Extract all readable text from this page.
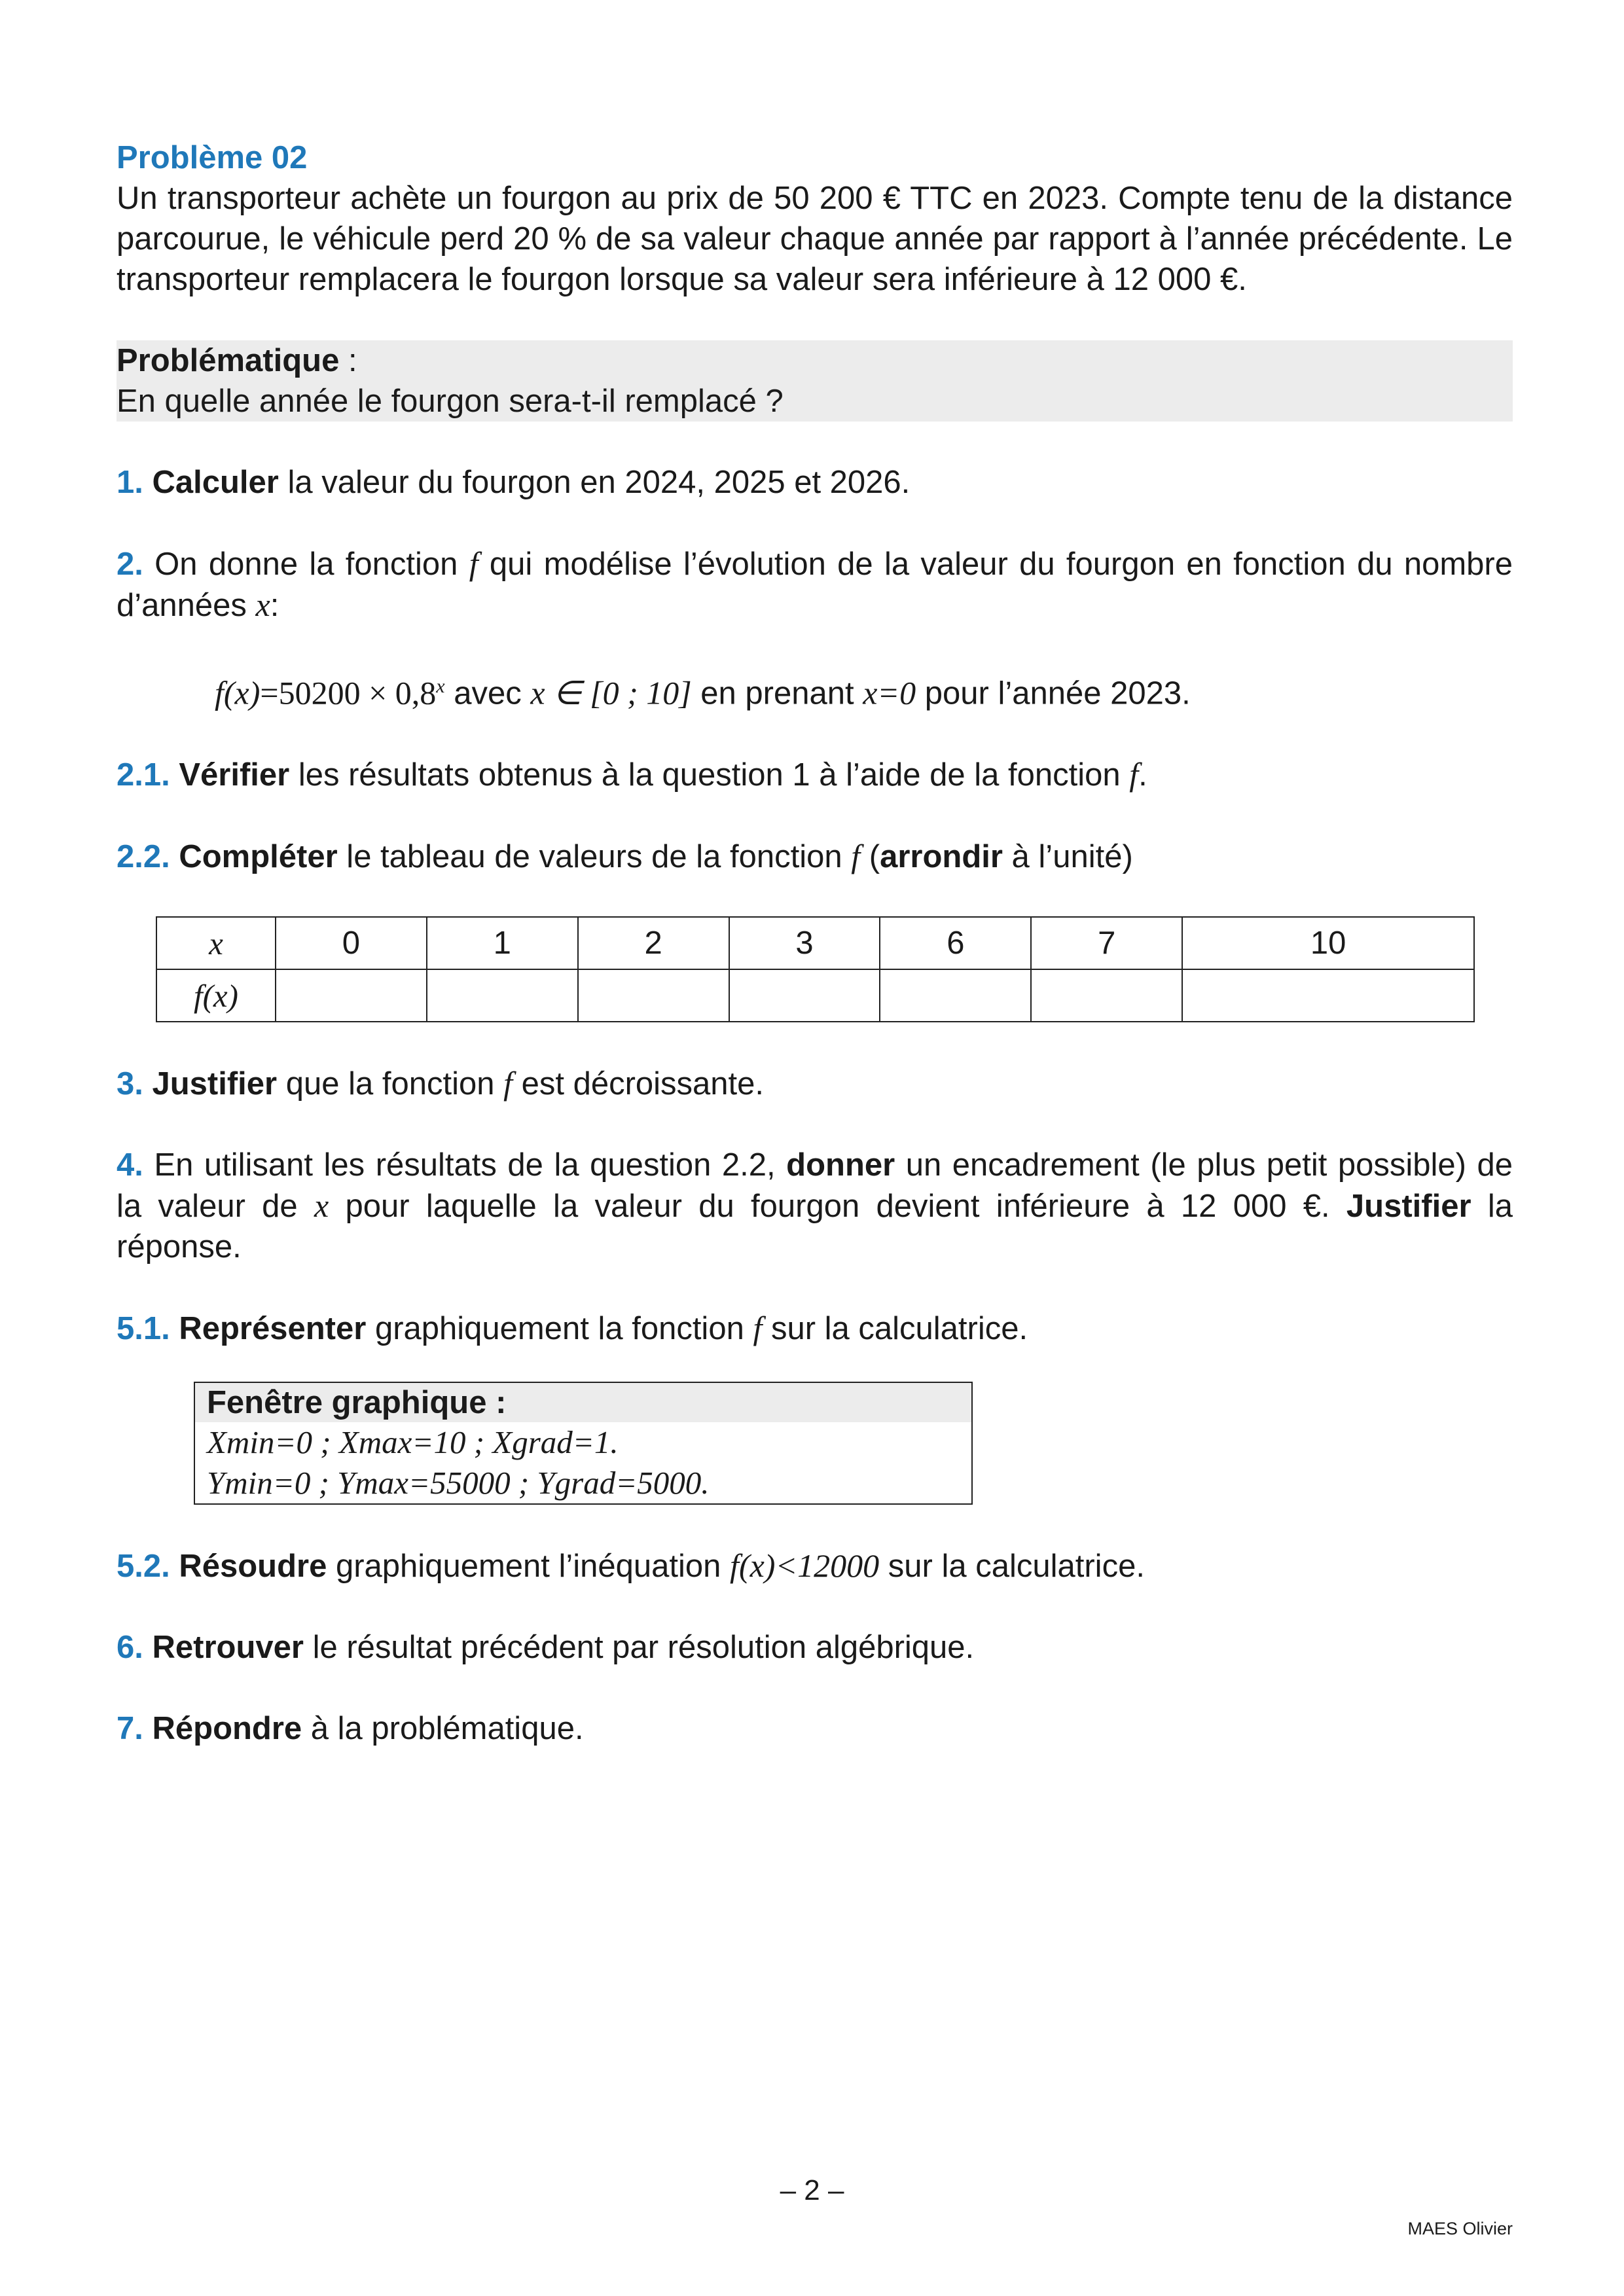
Problème 02

Un transporteur achète un fourgon au prix de 50 200 € TTC en 2023. Compte tenu de la distance parcourue, le véhicule perd 20 % de sa valeur chaque année par rapport à l’année précédente. Le transporteur remplacera le fourgon lorsque sa valeur sera inférieure à 12 000 €.

Problématique :

En quelle année le fourgon sera-t-il remplacé ?

1. Calculer la valeur du fourgon en 2024, 2025 et 2026.

2. On donne la fonction f qui modélise l’évolution de la valeur du fourgon en fonction du nombre d’années x:

$f(x)=50200 \times 0,8^x$ avec x ∈ [0 ; 10] en prenant x=0 pour l’année 2023.

2.1. Vérifier les résultats obtenus à la question 1 à l’aide de la fonction f.

2.2. Compléter le tableau de valeurs de la fonction f (arrondir à l’unité)

x	0	1	2	3	6	7	10
f(x)							

3. Justifier que la fonction f est décroissante.

4. En utilisant les résultats de la question 2.2, donner un encadrement (le plus petit possible) de la valeur de x pour laquelle la valeur du fourgon devient inférieure à 12 000 €. Justifier la réponse.

5.1. Représenter graphiquement la fonction f sur la calculatrice.

Fenêtre graphique :
Xmin=0 ; Xmax=10 ; Xgrad=1.
Ymin=0 ; Ymax=55000 ; Ygrad=5000.

5.2. Résoudre graphiquement l’inéquation f(x)<12000 sur la calculatrice.

6. Retrouver le résultat précédent par résolution algébrique.

7. Répondre à la problématique.

– 2 –
MAES Olivier
